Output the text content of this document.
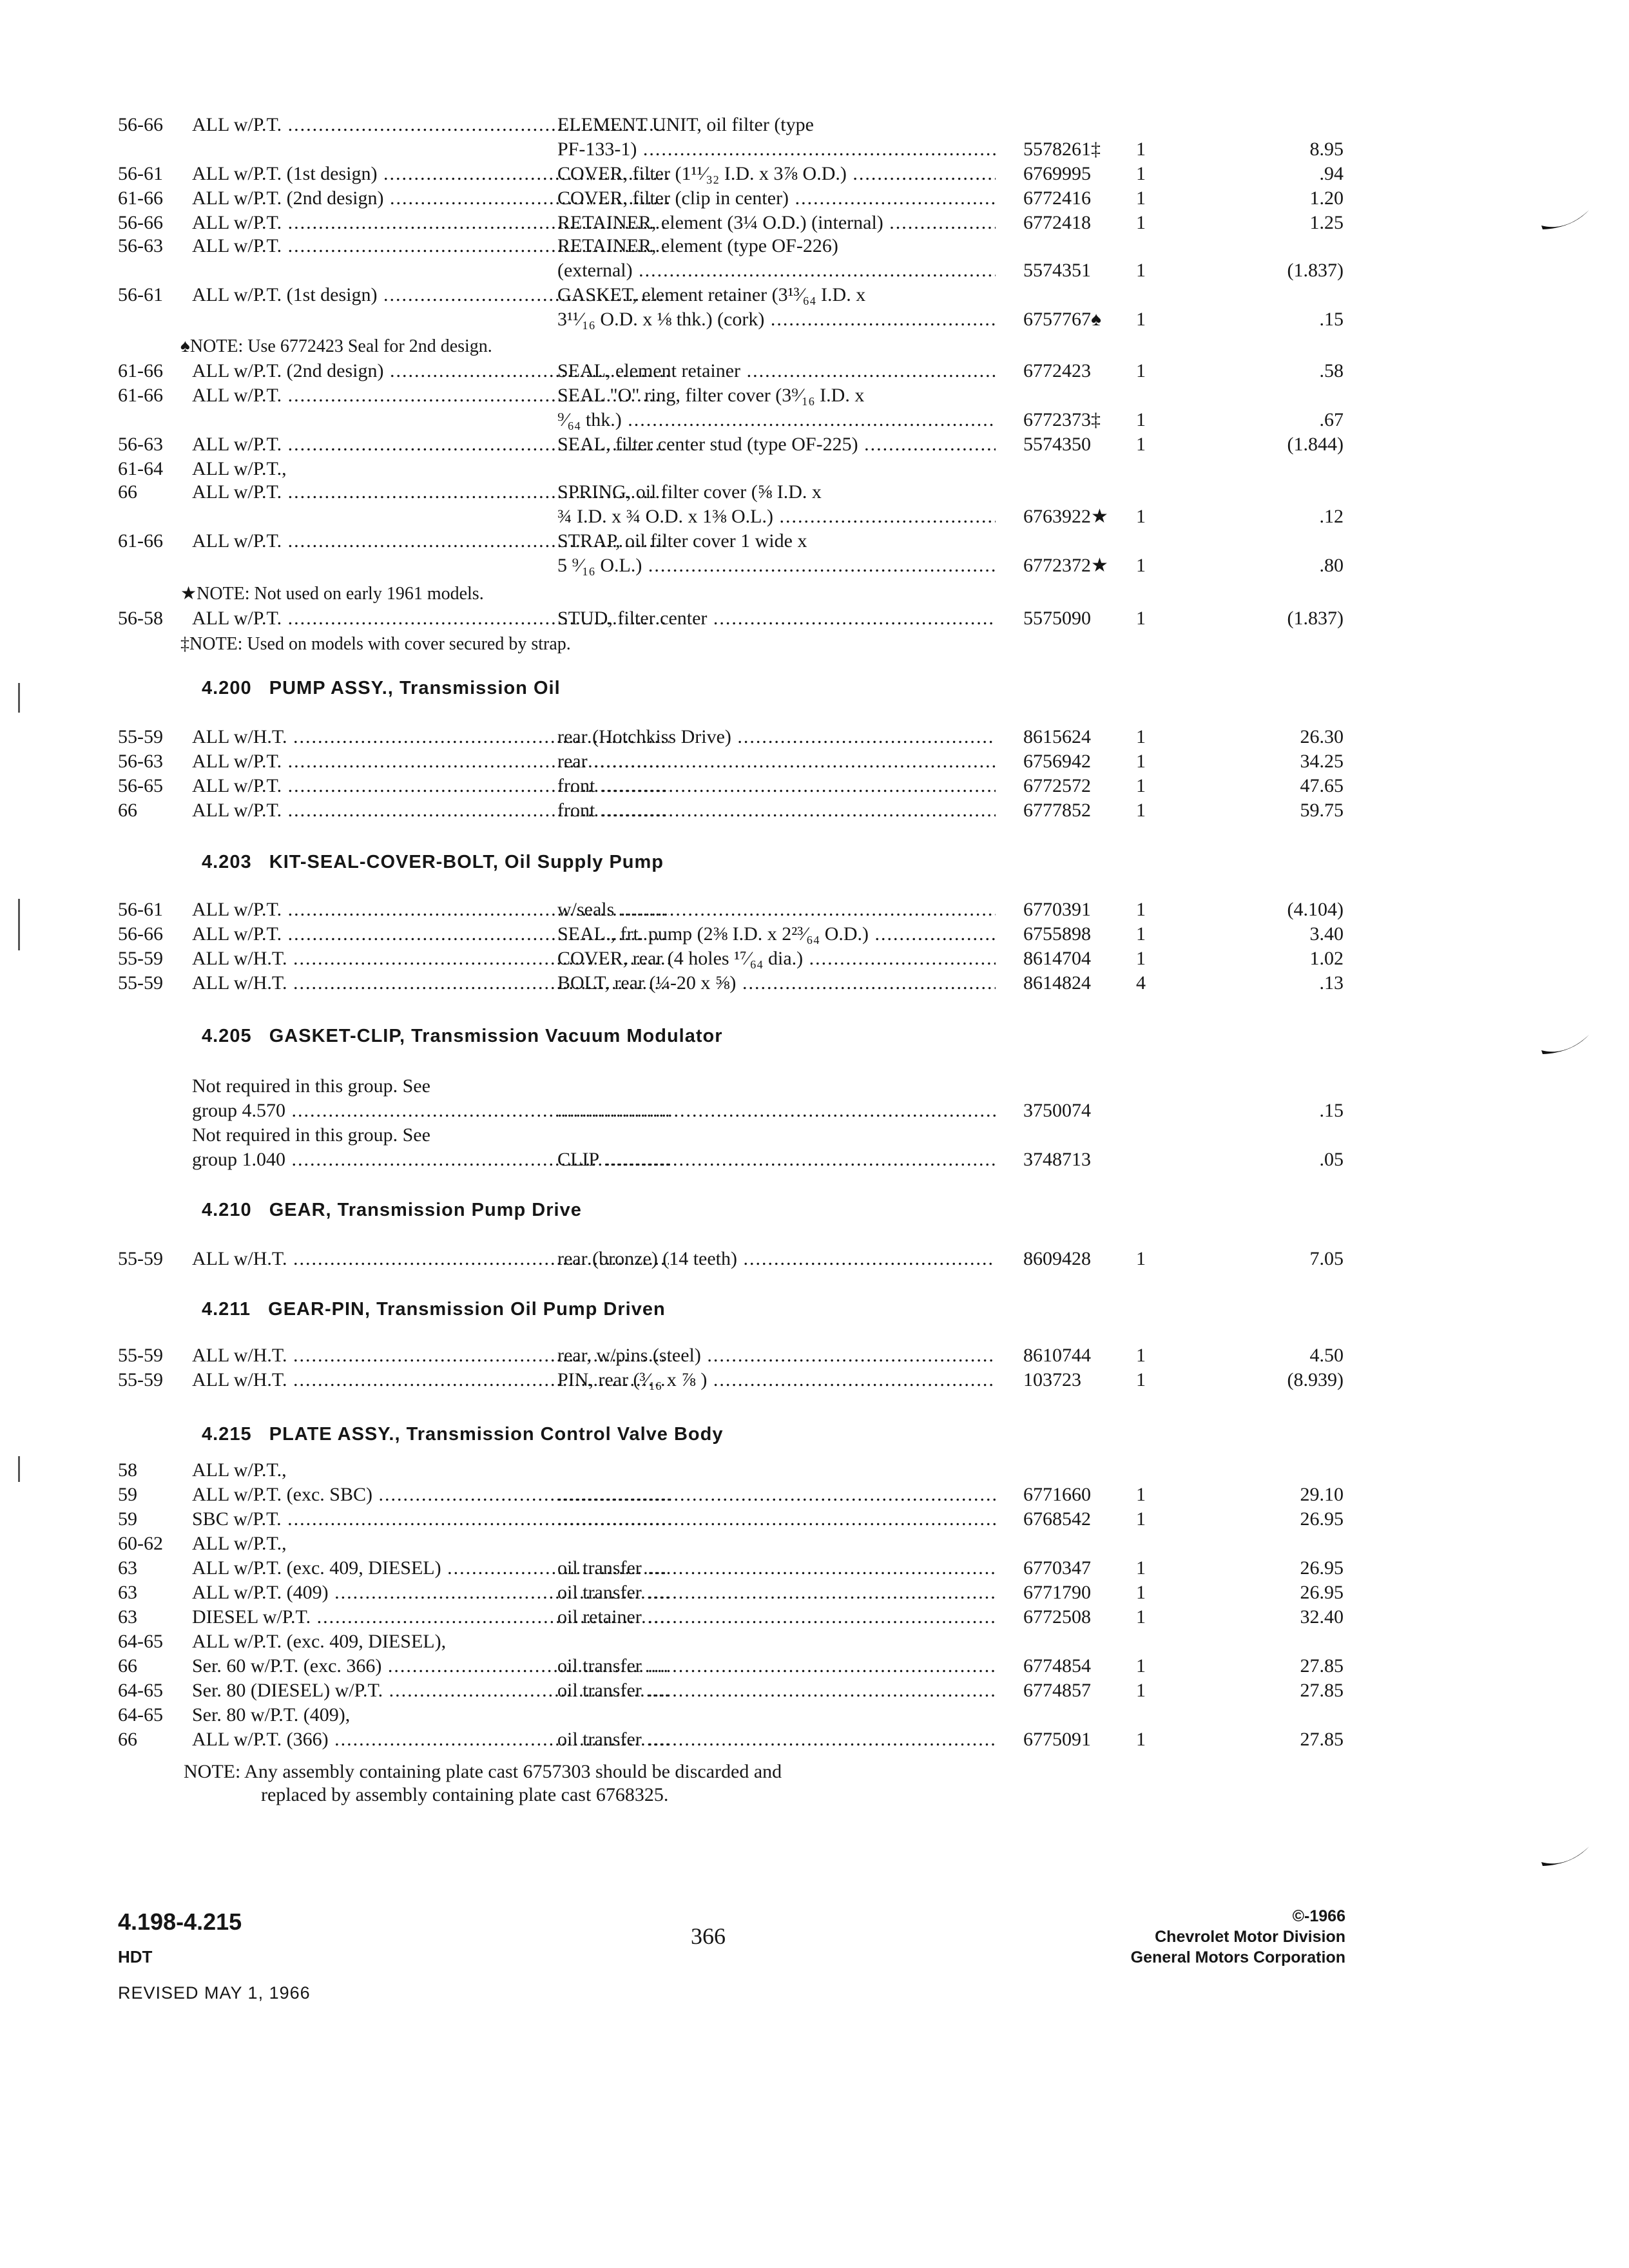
56-66	ALL w/P.T. .....	ELEMENT UNIT, oil filter (type
PF-133-1) .....	5578261‡	1	8.95
56-61	ALL w/P.T. (1st design) .....	COVER, filter (1¹¹⁄₃₂ I.D. x 3⅞ O.D.) .....	6769995	1	.94
61-66	ALL w/P.T. (2nd design) .....	COVER, filter (clip in center) .....	6772416	1	1.20
56-66	ALL w/P.T. .....	RETAINER, element (3¼ O.D.) (internal) .....	6772418	1	1.25
56-63	ALL w/P.T. .....	RETAINER, element (type OF-226)
(external) .....	5574351	1	(1.837)
56-61	ALL w/P.T. (1st design) .....	GASKET, element retainer (3¹³⁄₆₄ I.D. x
3¹¹⁄₁₆ O.D. x ⅛ thk.) (cork) .....	6757767♠	1	.15
♠NOTE: Use 6772423 Seal for 2nd design.
61-66	ALL w/P.T. (2nd design) .....	SEAL, element retainer .....	6772423	1	.58
61-66	ALL w/P.T. .....	SEAL "O" ring, filter cover (3⁹⁄₁₆ I.D. x
⁹⁄₆₄ thk.) .....	6772373‡	1	.67
56-63	ALL w/P.T. .....	SEAL, filter center stud (type OF-225) .....	5574350	1	(1.844)
61-64	ALL w/P.T.,
66	ALL w/P.T. .....	SPRING, oil filter cover (⅝ I.D. x
¾ I.D. x ¾ O.D. x 1⅜ O.L.) .....	6763922★	1	.12
61-66	ALL w/P.T. .....	STRAP, oil filter cover 1 wide x
5 ⁹⁄₁₆ O.L.) .....	6772372★	1	.80
★NOTE: Not used on early 1961 models.
56-58	ALL w/P.T. .....	STUD, filter center .....	5575090	1	(1.837)
‡NOTE: Used on models with cover secured by strap.
4.200 PUMP ASSY., Transmission Oil
55-59	ALL w/H.T. .....	rear (Hotchkiss Drive) .....	8615624	1	26.30
56-63	ALL w/P.T. .....	rear .....	6756942	1	34.25
56-65	ALL w/P.T. .....	front .....	6772572	1	47.65
66	ALL w/P.T. .....	front .....	6777852	1	59.75
4.203 KIT-SEAL-COVER-BOLT, Oil Supply Pump
56-61	ALL w/P.T. .....	w/seals .....	6770391	1	(4.104)
56-66	ALL w/P.T. .....	SEAL., frt. pump (2⅜ I.D. x 2²³⁄₆₄ O.D.) .....	6755898	1	3.40
55-59	ALL w/H.T. .....	COVER, rear (4 holes ¹⁷⁄₆₄ dia.) .....	8614704	1	1.02
55-59	ALL w/H.T. .....	BOLT, rear (¼-20 x ⅝) .....	8614824	4	.13
4.205 GASKET-CLIP, Transmission Vacuum Modulator
Not required in this group. See
group 4.570 ..... .....	3750074	.15
Not required in this group. See
group 1.040 .....	CLIP .....	3748713	.05
4.210 GEAR, Transmission Pump Drive
55-59	ALL w/H.T. .....	rear (bronze) (14 teeth) .....	8609428	1	7.05
4.211 GEAR-PIN, Transmission Oil Pump Driven
55-59	ALL w/H.T. .....	rear, w/pins (steel) .....	8610744	1	4.50
55-59	ALL w/H.T. .....	PIN, rear (³⁄₁₆ x ⅞ ) .....	103723	1	(8.939)
4.215 PLATE ASSY., Transmission Control Valve Body
58	ALL w/P.T.,
59	ALL w/P.T. (exc. SBC) ..... .....	6771660	1	29.10
59	SBC w/P.T. ..... .....	6768542	1	26.95
60-62	ALL w/P.T.,
63	ALL w/P.T. (exc. 409, DIESEL) .....	oil transfer .....	6770347	1	26.95
63	ALL w/P.T. (409) .....	oil transfer .....	6771790	1	26.95
63	DIESEL w/P.T. .....	oil retainer .....	6772508	1	32.40
64-65	ALL w/P.T. (exc. 409, DIESEL),
66	Ser. 60 w/P.T. (exc. 366) .....	oil transfer .....	6774854	1	27.85
64-65	Ser. 80 (DIESEL) w/P.T. .....	oil transfer .....	6774857	1	27.85
64-65	Ser. 80 w/P.T. (409),
66	ALL w/P.T. (366) .....	oil transfer .....	6775091	1	27.85
NOTE: Any assembly containing plate cast 6757303 should be discarded and
replaced by assembly containing plate cast 6768325.
4.198-4.215
HDT
REVISED MAY 1, 1966
366
©-1966
Chevrolet Motor Division
General Motors Corporation
